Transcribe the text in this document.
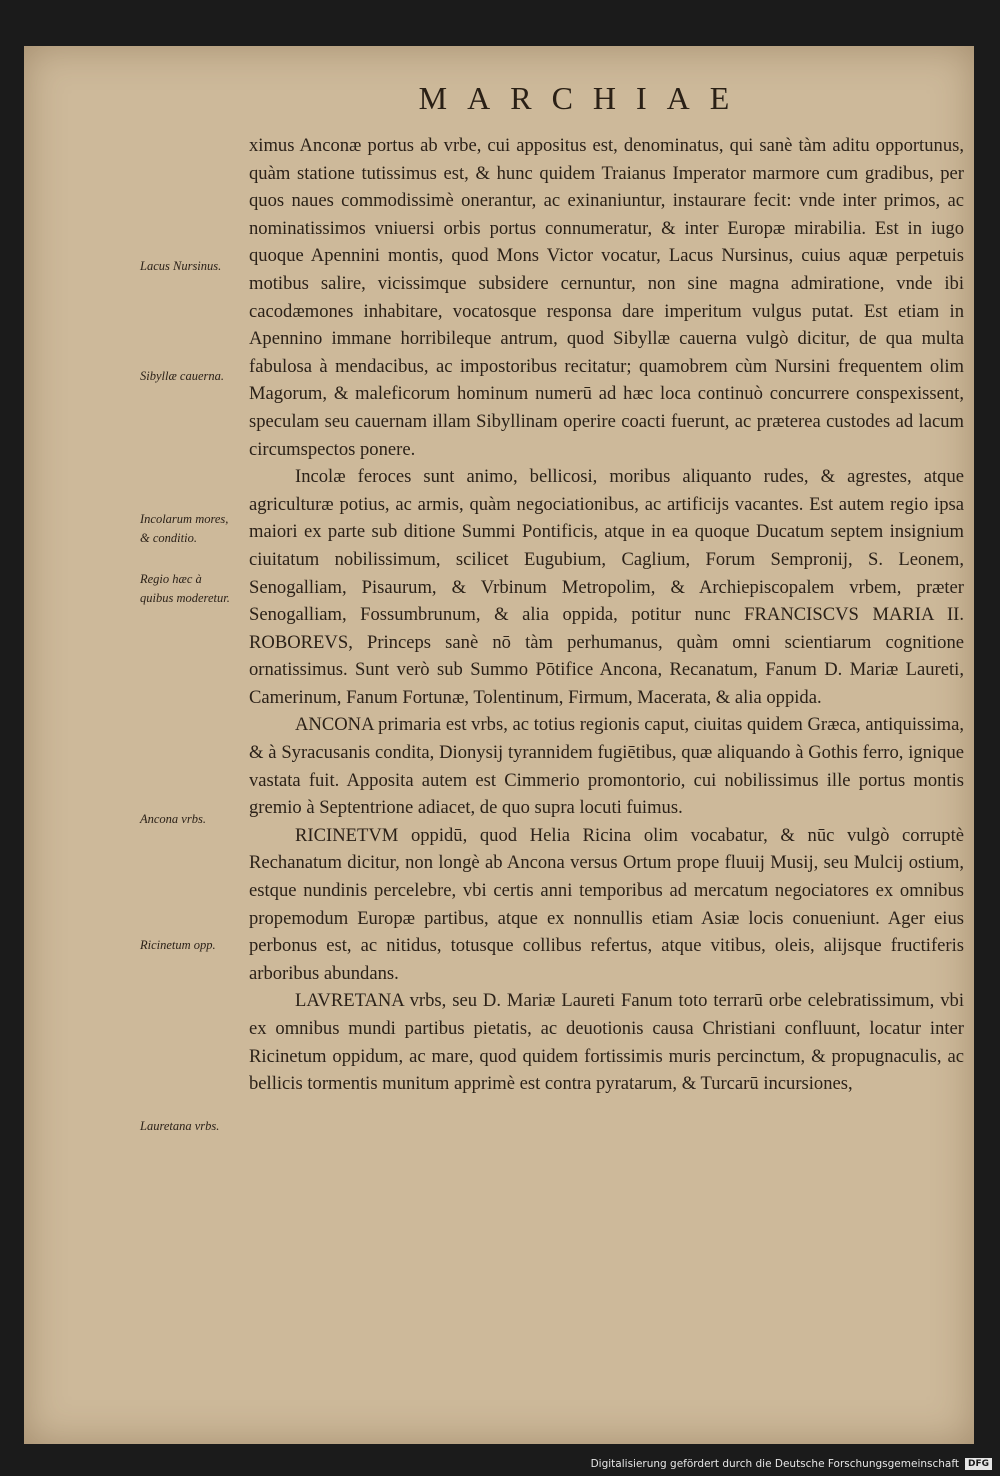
MARCHIAE

ximus Anconæ portus ab vrbe, cui appositus est, denominatus, qui sanè tàm aditu opportunus, quàm statione tutissimus est, & hunc quidem Traianus Imperator marmore cum gradibus, per quos naues commodissimè onerantur, ac exinaniuntur, instaurare fecit: vnde inter primos, ac nominatissimos vniuersi orbis portus connumeratur, & inter Europæ mirabilia. Est in iugo quoque Apennini montis, quod Mons Victor vocatur, Lacus Nursinus, cuius aquæ perpetuis motibus salire, vicissimque subsidere cernuntur, non sine magna admiratione, vnde ibi cacodæmones inhabitare, vocatosque responsa dare imperitum vulgus putat. Est etiam in Apennino immane horribileque antrum, quod Sibyllæ cauerna vulgò dicitur, de qua multa fabulosa à mendacibus, ac impostoribus recitatur; quamobrem cùm Nursini frequentem olim Magorum, & maleficorum hominum numerū ad hæc loca continuò concurrere conspexissent, speculam seu cauernam illam Sibyllinam operire coacti fuerunt, ac præterea custodes ad lacum circumspectos ponere.

Incolæ feroces sunt animo, bellicosi, moribus aliquanto rudes, & agrestes, atque agriculturæ potius, ac armis, quàm negociationibus, ac artificijs vacantes. Est autem regio ipsa maiori ex parte sub ditione Summi Pontificis, atque in ea quoque Ducatum septem insignium ciuitatum nobilissimum, scilicet Eugubium, Caglium, Forum Sempronij, S. Leonem, Senogalliam, Pisaurum, & Vrbinum Metropolim, & Archiepiscopalem vrbem, præter Senogalliam, Fossumbrunum, & alia oppida, potitur nunc FRANCISCVS MARIA II. ROBOREVS, Princeps sanè nō tàm perhumanus, quàm omni scientiarum cognitione ornatissimus. Sunt verò sub Summo Pōtifice Ancona, Recanatum, Fanum D. Mariæ Laureti, Camerinum, Fanum Fortunæ, Tolentinum, Firmum, Macerata, & alia oppida.

ANCONA primaria est vrbs, ac totius regionis caput, ciuitas quidem Græca, antiquissima, & à Syracusanis condita, Dionysij tyrannidem fugiētibus, quæ aliquando à Gothis ferro, ignique vastata fuit. Apposita autem est Cimmerio promontorio, cui nobilissimus ille portus montis gremio à Septentrione adiacet, de quo supra locuti fuimus.

RICINETVM oppidū, quod Helia Ricina olim vocabatur, & nūc vulgò corruptè Rechanatum dicitur, non longè ab Ancona versus Ortum prope fluuij Musij, seu Mulcij ostium, estque nundinis percelebre, vbi certis anni temporibus ad mercatum negociatores ex omnibus propemodum Europæ partibus, atque ex nonnullis etiam Asiæ locis conueniunt. Ager eius perbonus est, ac nitidus, totusque collibus refertus, atque vitibus, oleis, alijsque fructiferis arboribus abundans.

LAVRETANA vrbs, seu D. Mariæ Laureti Fanum toto terrarū orbe celebratissimum, vbi ex omnibus mundi partibus pietatis, ac deuotionis causa Christiani confluunt, locatur inter Ricinetum oppidum, ac mare, quod quidem fortissimis muris percinctum, & propugnaculis, ac bellicis tormentis munitum apprimè est contra pyratarum, & Turcarū incursiones,

Lacus Nursinus.
Sibyllæ cauerna.
Incolarum mores, & conditio.
Regio hæc à quibus moderetur.
Ancona vrbs.
Ricinetum opp.
Lauretana vrbs.
Digitalisierung gefördert durch die Deutsche Forschungsgemeinschaft	DFG
